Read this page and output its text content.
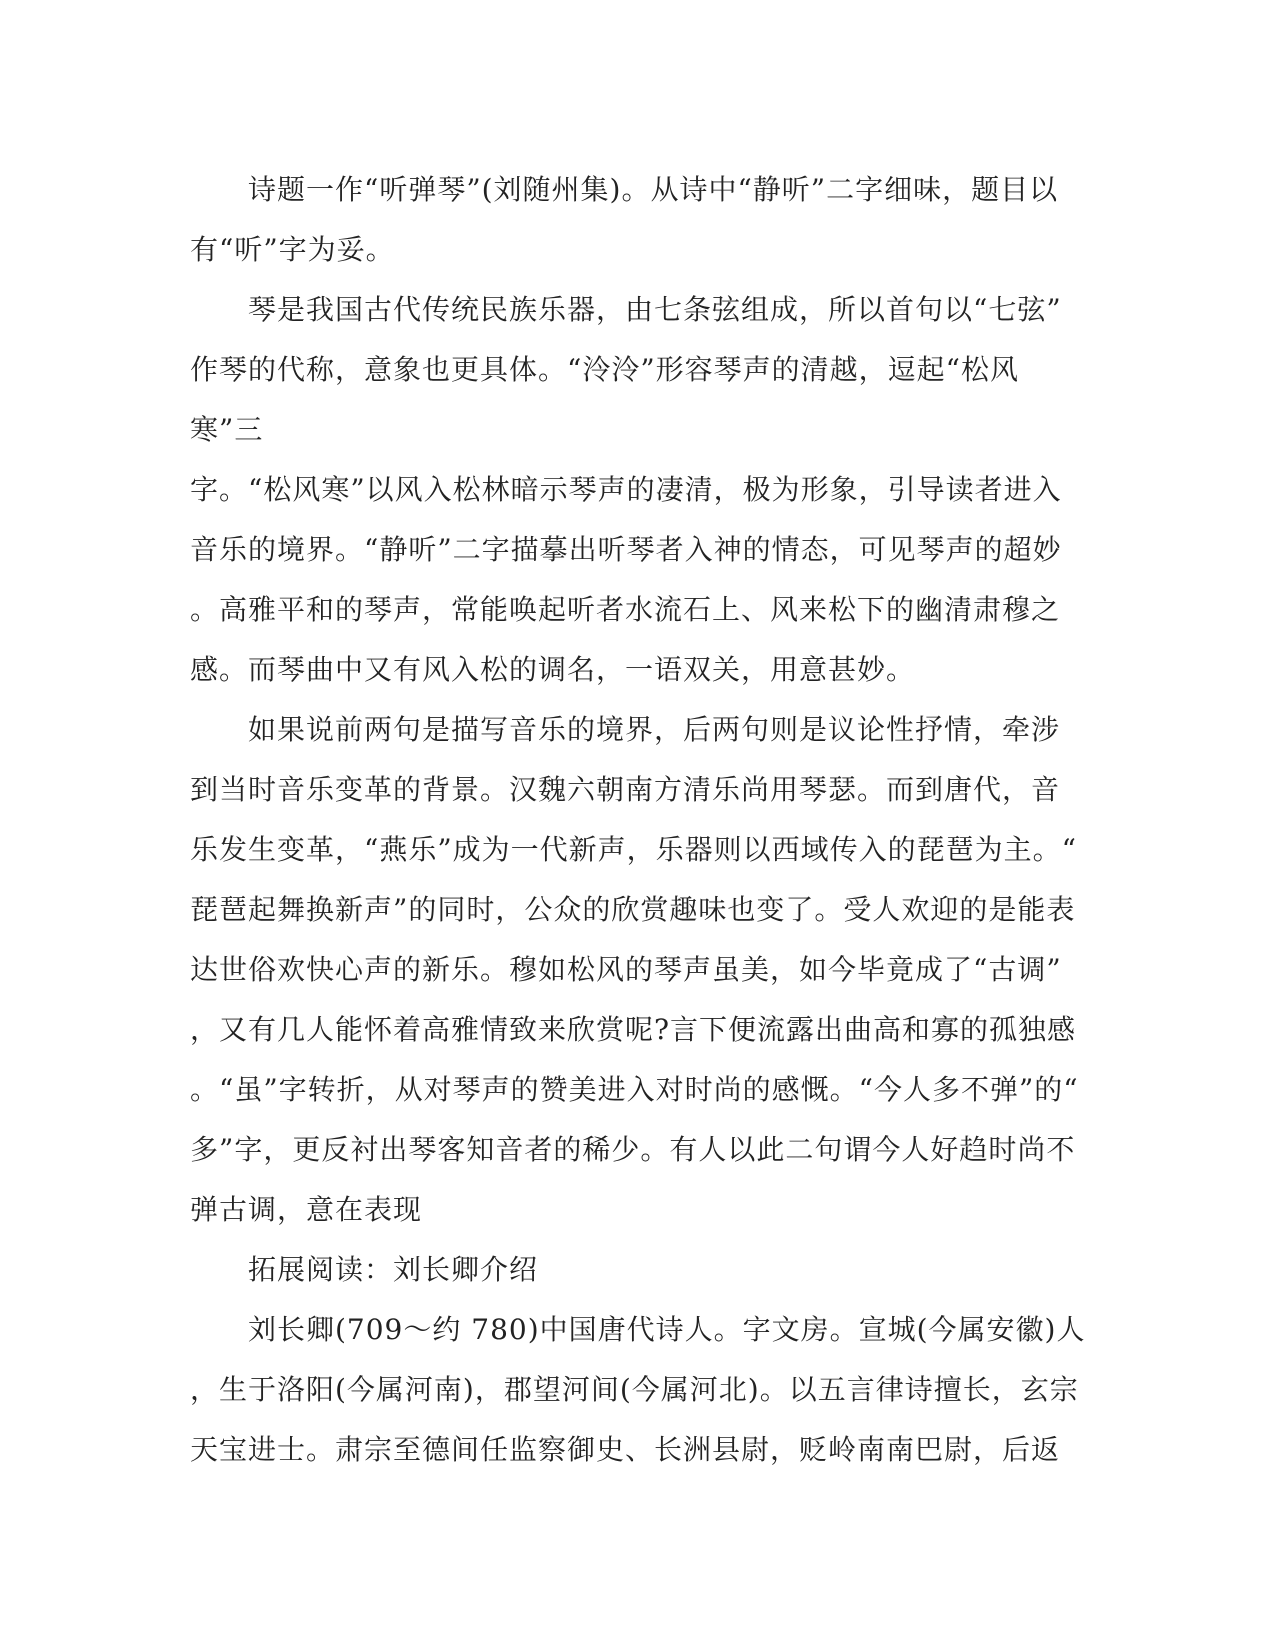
　　诗题一作“听弹琴”(刘随州集)。从诗中“静听”二字细味，题目以
有“听”字为妥。

　　琴是我国古代传统民族乐器，由七条弦组成，所以首句以“七弦”
作琴的代称，意象也更具体。“泠泠”形容琴声的清越，逗起“松风寒”三
字。“松风寒”以风入松林暗示琴声的凄清，极为形象，引导读者进入
音乐的境界。“静听”二字描摹出听琴者入神的情态，可见琴声的超妙
。高雅平和的琴声，常能唤起听者水流石上、风来松下的幽清肃穆之
感。而琴曲中又有风入松的调名，一语双关，用意甚妙。

　　如果说前两句是描写音乐的境界，后两句则是议论性抒情，牵涉
到当时音乐变革的背景。汉魏六朝南方清乐尚用琴瑟。而到唐代，音
乐发生变革，“燕乐”成为一代新声，乐器则以西域传入的琵琶为主。“
琵琶起舞换新声”的同时，公众的欣赏趣味也变了。受人欢迎的是能表
达世俗欢快心声的新乐。穆如松风的琴声虽美，如今毕竟成了“古调”
，又有几人能怀着高雅情致来欣赏呢?言下便流露出曲高和寡的孤独感
。“虽”字转折，从对琴声的赞美进入对时尚的感慨。“今人多不弹”的“
多”字，更反衬出琴客知音者的稀少。有人以此二句谓今人好趋时尚不
弹古调，意在表现

　　拓展阅读：刘长卿介绍

　　刘长卿(709～约 780)中国唐代诗人。字文房。宣城(今属安徽)人
，生于洛阳(今属河南)，郡望河间(今属河北)。以五言律诗擅长，玄宗
天宝进士。肃宗至德间任监察御史、长洲县尉，贬岭南南巴尉，后返
